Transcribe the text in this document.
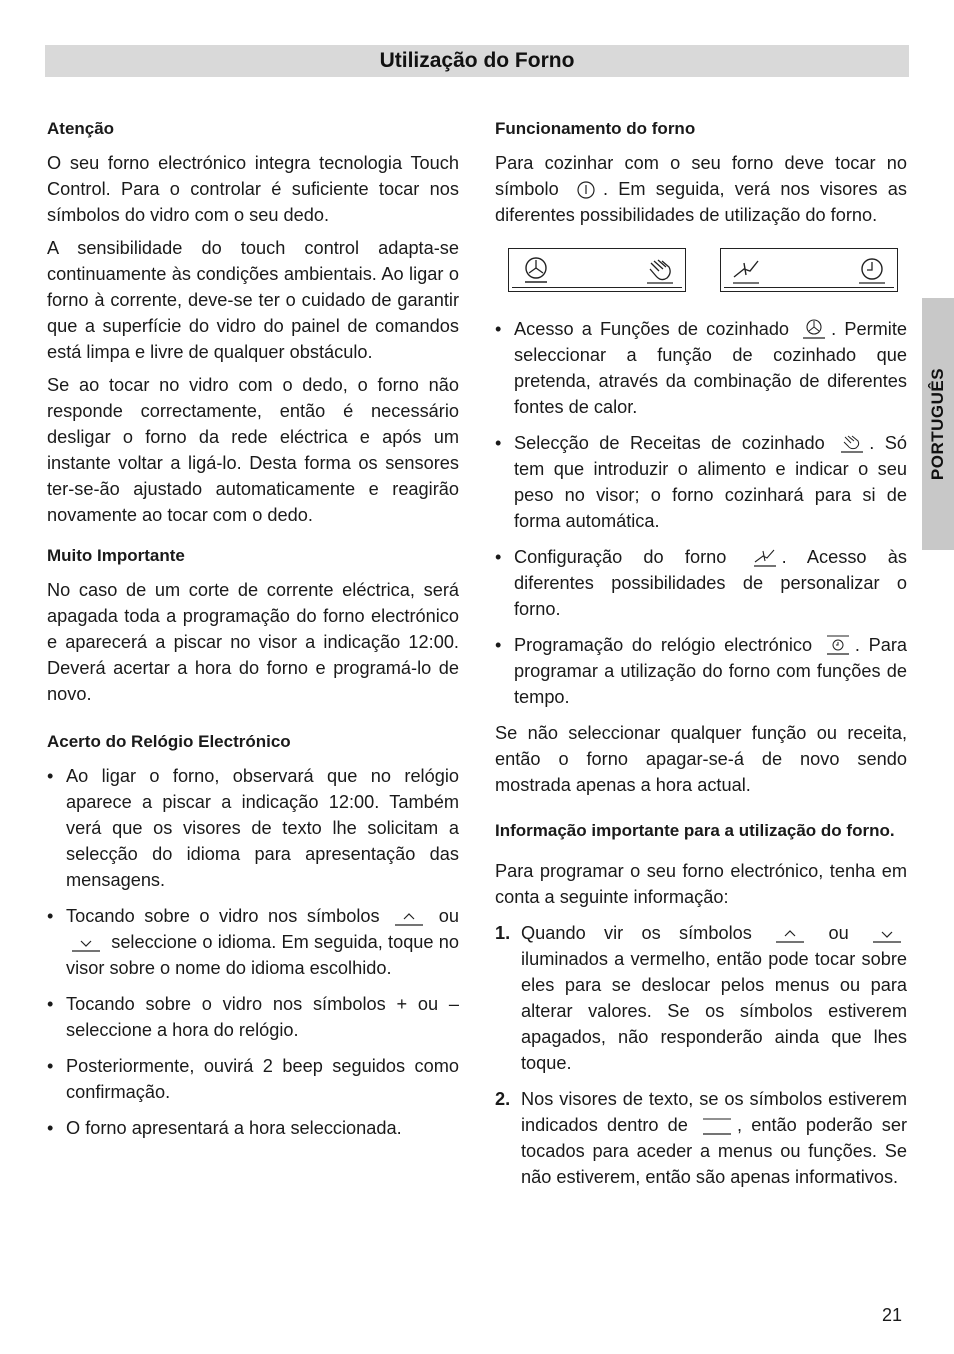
Utilização do Forno
PORTUGUÊS
Atenção

O seu forno electrónico integra tecnologia Touch Control. Para o controlar é suficiente tocar nos símbolos do vidro com o seu dedo.

A sensibilidade do touch control adapta-se continuamente às condições ambientais. Ao ligar o forno à corrente, deve-se ter o cuidado de garantir que a superfície do vidro do painel de comandos está limpa e livre de qualquer obstáculo.

Se ao tocar no vidro com o dedo, o forno não responde correctamente, então é necessário desligar o forno da rede eléctrica e após um instante voltar a ligá-lo. Desta forma os sensores ter-se-ão ajustado automaticamente e reagirão novamente ao tocar com o dedo.

Muito Importante

No caso de um corte de corrente eléctrica, será apagada toda a programação do forno electrónico e aparecerá a piscar no visor a indicação 12:00. Deverá acertar a hora do forno e programá-lo de novo.

Acerto do Relógio Electrónico
• Ao ligar o forno, observará que no relógio aparece a piscar a indicação 12:00. Também verá que os visores de texto lhe solicitam a selecção do idioma para apresentação das mensagens.
• Tocando sobre o vidro nos símbolos	ou  seleccione o idioma. Em seguida, toque no visor sobre o nome do idioma escolhido.
• Tocando sobre o vidro nos símbolos + ou – seleccione a hora do relógio.
• Posteriormente, ouvirá 2 beep seguidos como confirmação.
• O forno apresentará a hora seleccionada.
Funcionamento do forno

Para cozinhar com o seu forno deve tocar no símbolo . Em seguida, verá nos visores as diferentes possibilidades de utilização do forno.

• Acesso a Funções de cozinhado . Permite seleccionar a função de cozinhado que pretenda, através da combinação de diferentes fontes de calor.
• Selecção de Receitas de cozinhado . Só tem que introduzir o alimento e indicar o seu peso no visor; o forno cozinhará para si de forma automática.
• Configuração do forno	. Acesso às diferentes possibilidades de personalizar o forno.
• Programação do relógio electrónico . Para programar a utilização do forno com funções de tempo.

Se não seleccionar qualquer função ou receita, então o forno apagar-se-á de novo sendo mostrada apenas a hora actual.

Informação importante para a utilização do forno.

Para programar o seu forno electrónico, tenha em conta a seguinte informação:

1. Quando vir os símbolos	ou  iluminados a vermelho, então pode tocar sobre eles para se deslocar pelos menus ou para alterar valores. Se os símbolos estiverem apagados, não responderão ainda que lhes toque.
2. Nos visores de texto, se os símbolos estiverem indicados dentro de	, então poderão ser tocados para aceder a menus ou funções. Se não estiverem, então são apenas informativos.
21
